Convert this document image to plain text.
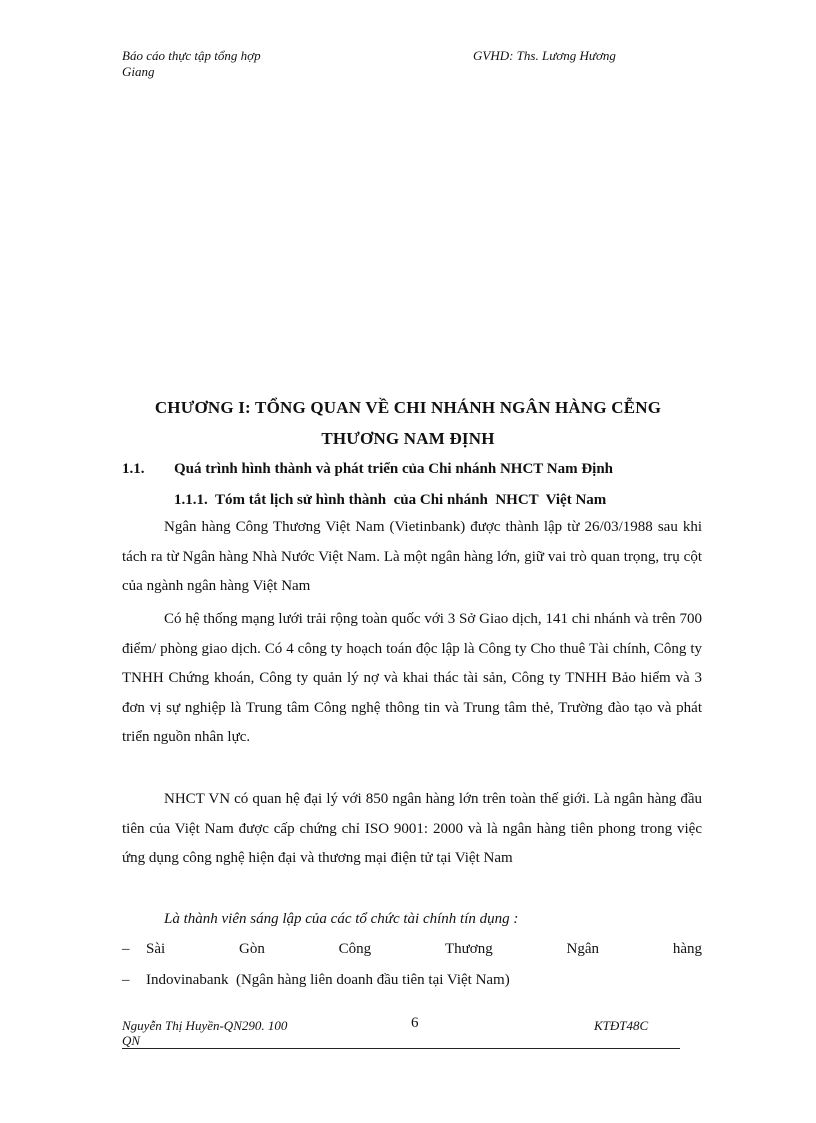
Báo cáo thực tập tổng hợp
Giang
GVHD: Ths. Lương Hương
CHƯƠNG I: TỔNG QUAN VỀ CHI NHÁNH NGÂN HÀNG CỄNG
THƯƠNG NAM ĐỊNH
1.1. Quá trình hình thành và phát triển của Chi nhánh NHCT Nam Định
1.1.1.  Tóm tắt lịch sử hình thành  của Chi nhánh  NHCT  Việt Nam
Ngân hàng Công Thương Việt Nam (Vietinbank) được thành lập từ 26/03/1988 sau khi tách ra từ Ngân hàng Nhà Nước Việt Nam. Là một ngân hàng lớn, giữ vai trò quan trọng, trụ cột của ngành ngân hàng Việt Nam
Có hệ thống mạng lưới trải rộng toàn quốc với 3 Sở Giao dịch, 141 chi nhánh và trên 700 điểm/ phòng giao dịch. Có 4 công ty hoạch toán độc lập là Công ty Cho thuê Tài chính, Công ty TNHH Chứng khoán, Công ty quản lý nợ và khai thác tài sản, Công ty TNHH Bảo hiểm và 3 đơn vị sự nghiệp là Trung tâm Công nghệ thông tin và Trung tâm thẻ, Trường đào tạo và phát triển nguồn nhân lực.
NHCT VN có quan hệ đại lý với 850 ngân hàng lớn trên toàn thế giới. Là ngân hàng đầu tiên của Việt Nam được cấp chứng chỉ ISO 9001: 2000 và là ngân hàng tiên phong trong việc ứng dụng công nghệ hiện đại và thương mại điện tử tại Việt Nam
Là thành viên sáng lập của các tổ chức tài chính tín dụng :
– Sài	Gòn	Công	Thương	Ngân	hàng
– Indovinabank  (Ngân hàng liên doanh đầu tiên tại Việt Nam)
Nguyễn Thị Huyền-QN290. 100
QN
6	KTĐT48C
